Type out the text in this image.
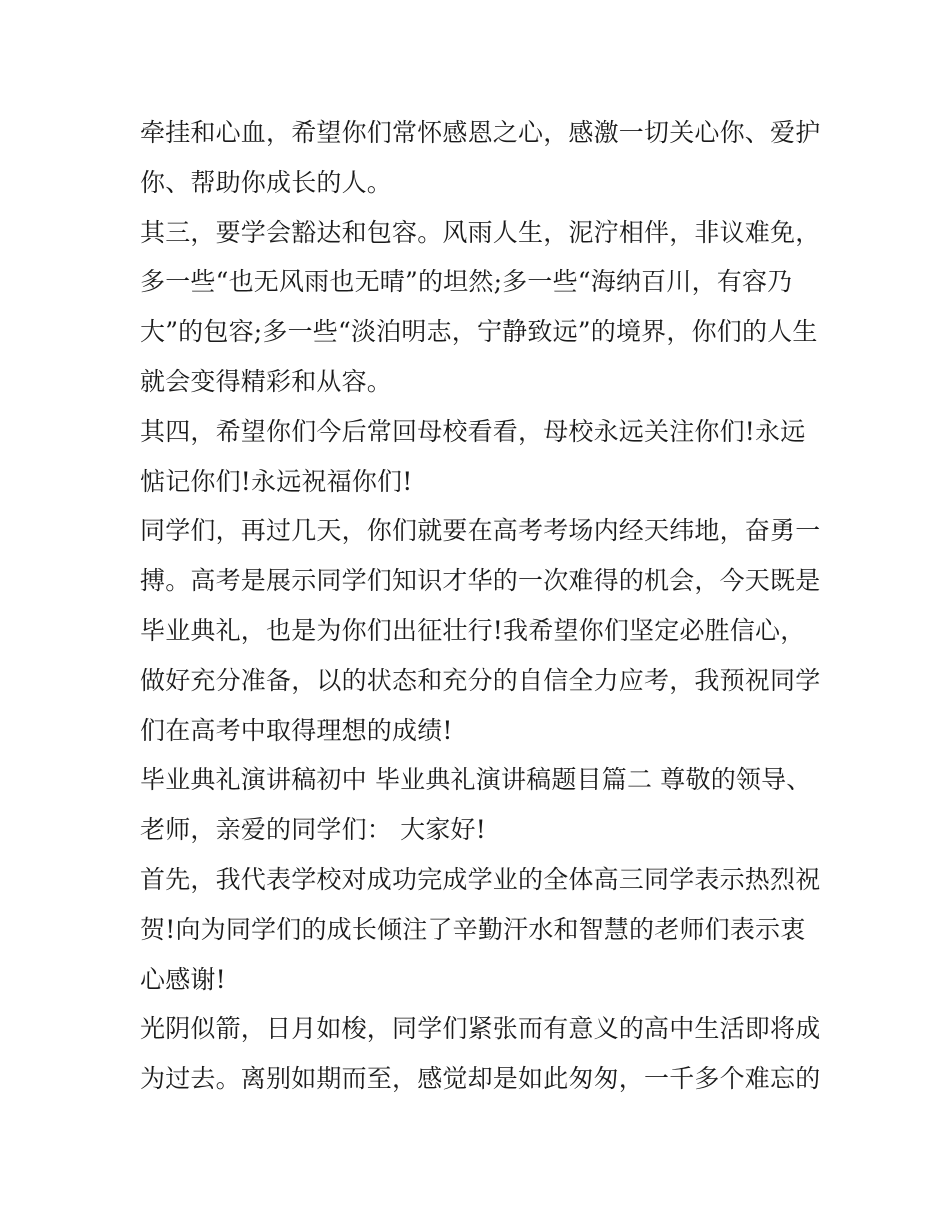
牵挂和心血，希望你们常怀感恩之心，感激一切关心你、爱护
你、帮助你成长的人。
其三，要学会豁达和包容。风雨人生，泥泞相伴，非议难免，
多一些“也无风雨也无晴”的坦然;多一些“海纳百川，有容乃
大”的包容;多一些“淡泊明志，宁静致远”的境界，你们的人生
就会变得精彩和从容。
其四，希望你们今后常回母校看看，母校永远关注你们!永远
惦记你们!永远祝福你们!
同学们，再过几天，你们就要在高考考场内经天纬地，奋勇一
搏。高考是展示同学们知识才华的一次难得的机会，今天既是
毕业典礼，也是为你们出征壮行!我希望你们坚定必胜信心，
做好充分准备，以的状态和充分的自信全力应考，我预祝同学
们在高考中取得理想的成绩!
毕业典礼演讲稿初中 毕业典礼演讲稿题目篇二 尊敬的领导、
老师，亲爱的同学们： 大家好!
首先，我代表学校对成功完成学业的全体高三同学表示热烈祝
贺!向为同学们的成长倾注了辛勤汗水和智慧的老师们表示衷
心感谢!
光阴似箭，日月如梭，同学们紧张而有意义的高中生活即将成
为过去。离别如期而至，感觉却是如此匆匆，一千多个难忘的
